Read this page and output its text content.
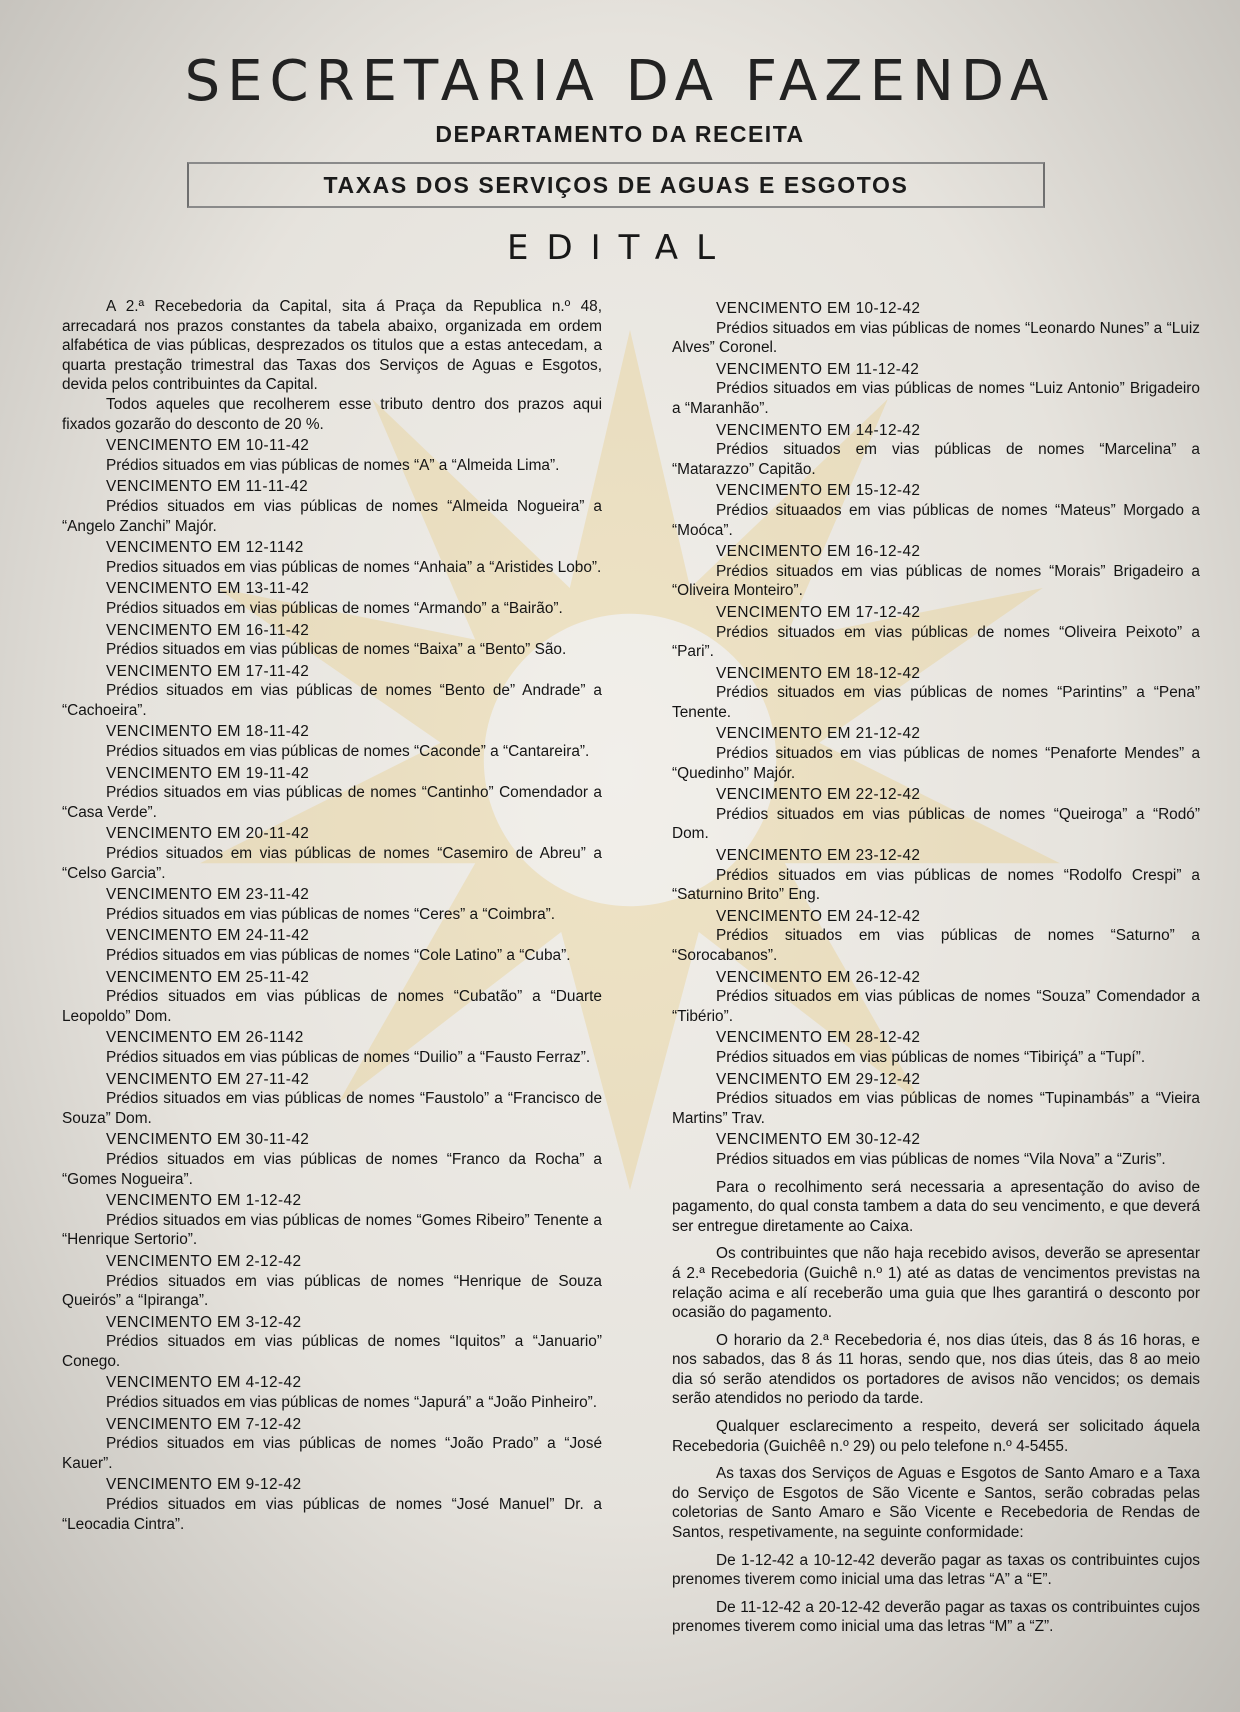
SECRETARIA DA FAZENDA
DEPARTAMENTO DA RECEITA
TAXAS DOS SERVIÇOS DE AGUAS E ESGOTOS
EDITAL

A 2.ª Recebedoria da Capital, sita á Praça da Republica n.º 48, arrecadará nos prazos constantes da tabela abaixo, organizada em ordem alfabética de vias públicas, desprezados os titulos que a estas antecedam, a quarta prestação trimestral das Taxas dos Serviços de Aguas e Esgotos, devida pelos contribuintes da Capital.

Todos aqueles que recolherem esse tributo dentro dos prazos aqui fixados gozarão do desconto de 20 %.

VENCIMENTO EM 10-11-42
Prédios situados em vias públicas de nomes “A” a “Almeida Lima”.
VENCIMENTO EM 11-11-42
Prédios situados em vias públicas de nomes “Almeida Nogueira” a “Angelo Zanchi” Majór.
VENCIMENTO EM 12-1142
Predios situados em vias públicas de nomes “Anhaia” a “Aristides Lobo”.
VENCIMENTO EM 13-11-42
Prédios situados em vias públicas de nomes “Armando” a “Bairão”.
VENCIMENTO EM 16-11-42
Prédios situados em vias públicas de nomes “Baixa” a “Bento” São.
VENCIMENTO EM 17-11-42
Prédios situados em vias públicas de nomes “Bento de” Andrade” a “Cachoeira”.
VENCIMENTO EM 18-11-42
Prédios situados em vias públicas de nomes “Caconde” a “Cantareira”.
VENCIMENTO EM 19-11-42
Prédios situados em vias públicas de nomes “Cantinho” Comendador a “Casa Verde”.
VENCIMENTO EM 20-11-42
Prédios situados em vias públicas de nomes “Casemiro de Abreu” a “Celso Garcia”.
VENCIMENTO EM 23-11-42
Prédios situados em vias públicas de nomes “Ceres” a “Coimbra”.
VENCIMENTO EM 24-11-42
Prédios situados em vias públicas de nomes “Cole Latino” a “Cuba”.
VENCIMENTO EM 25-11-42
Prédios situados em vias públicas de nomes “Cubatão” a “Duarte Leopoldo” Dom.
VENCIMENTO EM 26-1142
Prédios situados em vias públicas de nomes “Duilio” a “Fausto Ferraz”.
VENCIMENTO EM 27-11-42
Prédios situados em vias públicas de nomes “Faustolo” a “Francisco de Souza” Dom.
VENCIMENTO EM 30-11-42
Prédios situados em vias públicas de nomes “Franco da Rocha” a “Gomes Nogueira”.
VENCIMENTO EM 1-12-42
Prédios situados em vias públicas de nomes “Gomes Ribeiro” Tenente a “Henrique Sertorio”.
VENCIMENTO EM 2-12-42
Prédios situados em vias públicas de nomes “Henrique de Souza Queirós” a “Ipiranga”.
VENCIMENTO EM 3-12-42
Prédios situados em vias públicas de nomes “Iquitos” a “Januario” Conego.
VENCIMENTO EM 4-12-42
Prédios situados em vias públicas de nomes “Japurá” a “João Pinheiro”.
VENCIMENTO EM 7-12-42
Prédios situados em vias públicas de nomes “João Prado” a “José Kauer”.
VENCIMENTO EM 9-12-42
Prédios situados em vias públicas de nomes “José Manuel” Dr. a “Leocadia Cintra”.
VENCIMENTO EM 10-12-42
Prédios situados em vias públicas de nomes “Leonardo Nunes” a “Luiz Alves” Coronel.
VENCIMENTO EM 11-12-42
Prédios situados em vias públicas de nomes “Luiz Antonio” Brigadeiro a “Maranhão”.
VENCIMENTO EM 14-12-42
Prédios situados em vias públicas de nomes “Marcelina” a “Matarazzo” Capitão.
VENCIMENTO EM 15-12-42
Prédios situaados em vias públicas de nomes “Mateus” Morgado a “Moóca”.
VENCIMENTO EM 16-12-42
Prédios situados em vias públicas de nomes “Morais” Brigadeiro a “Oliveira Monteiro”.
VENCIMENTO EM 17-12-42
Prédios situados em vias públicas de nomes “Oliveira Peixoto” a “Pari”.
VENCIMENTO EM 18-12-42
Prédios situados em vias públicas de nomes “Parintins” a “Pena” Tenente.
VENCIMENTO EM 21-12-42
Prédios situados em vias públicas de nomes “Penaforte Mendes” a “Quedinho” Majór.
VENCIMENTO EM 22-12-42
Prédios situados em vias públicas de nomes “Queiroga” a “Rodó” Dom.
VENCIMENTO EM 23-12-42
Prédios situados em vias públicas de nomes “Rodolfo Crespi” a “Saturnino Brito” Eng.
VENCIMENTO EM 24-12-42
Prédios situados em vias públicas de nomes “Saturno” a “Sorocabanos”.
VENCIMENTO EM 26-12-42
Prédios situados em vias públicas de nomes “Souza” Comendador a “Tibério”.
VENCIMENTO EM 28-12-42
Prédios situados em vias públicas de nomes “Tibiriçá” a “Tupí”.
VENCIMENTO EM 29-12-42
Prédios situados em vias públicas de nomes “Tupinambás” a “Vieira Martins” Trav.
VENCIMENTO EM 30-12-42
Prédios situados em vias públicas de nomes “Vila Nova” a “Zuris”.

Para o recolhimento será necessaria a apresentação do aviso de pagamento, do qual consta tambem a data do seu vencimento, e que deverá ser entregue diretamente ao Caixa.

Os contribuintes que não haja recebido avisos, deverão se apresentar á 2.ª Recebedoria (Guichê n.º 1) até as datas de vencimentos previstas na relação acima e alí receberão uma guia que lhes garantirá o desconto por ocasião do pagamento.

O horario da 2.ª Recebedoria é, nos dias úteis, das 8 ás 16 horas, e nos sabados, das 8 ás 11 horas, sendo que, nos dias úteis, das 8 ao meio dia só serão atendidos os portadores de avisos não vencidos; os demais serão atendidos no periodo da tarde.

Qualquer esclarecimento a respeito, deverá ser solicitado áquela Recebedoria (Guichêê n.º 29) ou pelo telefone n.º 4-5455.

As taxas dos Serviços de Aguas e Esgotos de Santo Amaro e a Taxa do Serviço de Esgotos de São Vicente e Santos, serão cobradas pelas coletorias de Santo Amaro e São Vicente e Recebedoria de Rendas de Santos, respetivamente, na seguinte conformidade:

De 1-12-42 a 10-12-42 deverão pagar as taxas os contribuintes cujos prenomes tiverem como inicial uma das letras “A” a “E”.

De 11-12-42 a 20-12-42 deverão pagar as taxas os contribuintes cujos prenomes tiverem como inicial uma das letras “M” a “Z”.
